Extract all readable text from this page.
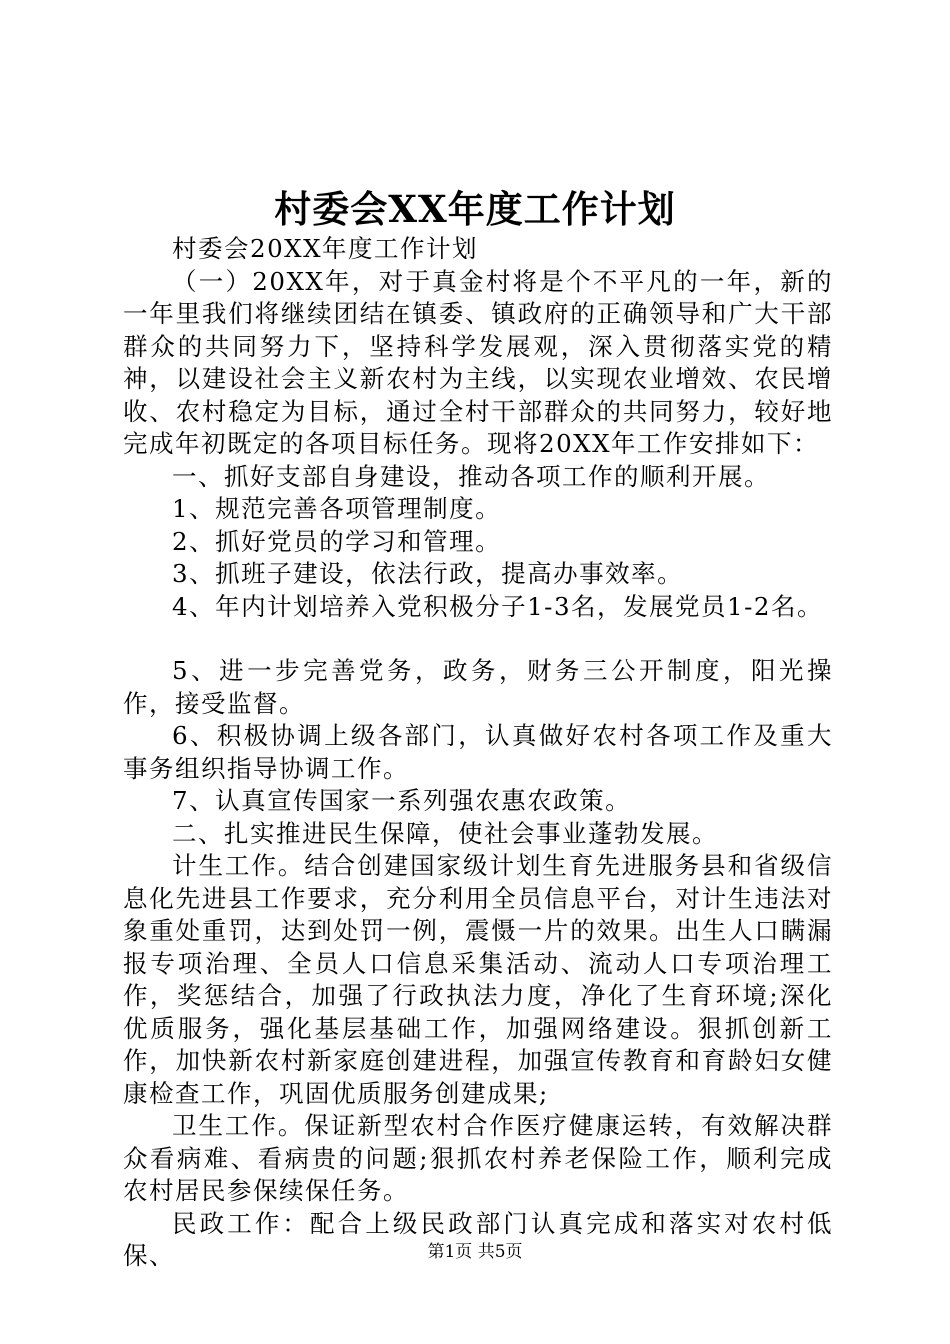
村委会XX年度工作计划

村委会20XX年度工作计划

（一）20XX年，对于真金村将是个不平凡的一年，新的一年里我们将继续团结在镇委、镇政府的正确领导和广大干部群众的共同努力下，坚持科学发展观，深入贯彻落实党的精神，以建设社会主义新农村为主线，以实现农业增效、农民增收、农村稳定为目标，通过全村干部群众的共同努力，较好地完成年初既定的各项目标任务。现将20XX年工作安排如下：

一、抓好支部自身建设，推动各项工作的顺利开展。

1、规范完善各项管理制度。

2、抓好党员的学习和管理。

3、抓班子建设，依法行政，提高办事效率。

4、年内计划培养入党积极分子1-3名，发展党员1-2名。

5、进一步完善党务，政务，财务三公开制度，阳光操作，接受监督。

6、积极协调上级各部门，认真做好农村各项工作及重大事务组织指导协调工作。

7、认真宣传国家一系列强农惠农政策。

二、扎实推进民生保障，使社会事业蓬勃发展。

计生工作。结合创建国家级计划生育先进服务县和省级信息化先进县工作要求，充分利用全员信息平台，对计生违法对象重处重罚，达到处罚一例，震慑一片的效果。出生人口瞒漏报专项治理、全员人口信息采集活动、流动人口专项治理工作，奖惩结合，加强了行政执法力度，净化了生育环境;深化优质服务，强化基层基础工作，加强网络建设。狠抓创新工作，加快新农村新家庭创建进程，加强宣传教育和育龄妇女健康检查工作，巩固优质服务创建成果;

卫生工作。保证新型农村合作医疗健康运转，有效解决群众看病难、看病贵的问题;狠抓农村养老保险工作，顺利完成农村居民参保续保任务。

民政工作：配合上级民政部门认真完成和落实对农村低保、	第1页 共5页
